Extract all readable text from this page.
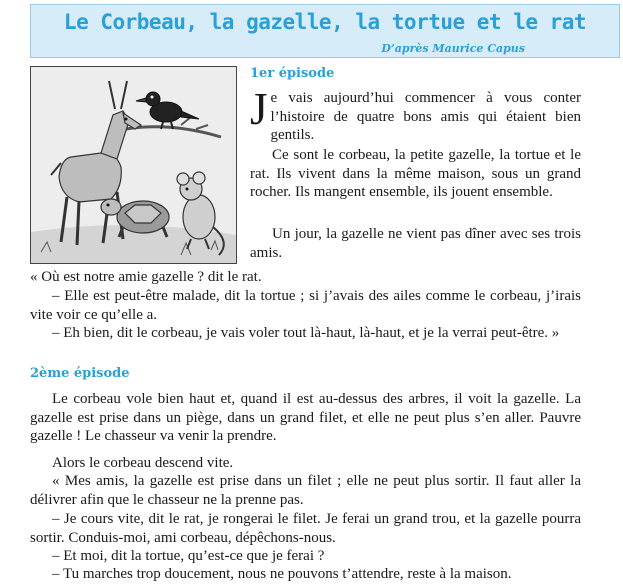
Le Corbeau, la gazelle, la tortue et le rat
D’après Maurice Capus
1er épisode

Je vais aujourd’hui commencer à vous conter l’histoire de quatre bons amis qui étaient bien gentils.

Ce sont le corbeau, la petite gazelle, la tortue et le rat. Ils vivent dans la même maison, sous un grand rocher. Ils mangent ensemble, ils jouent ensemble.

Un jour, la gazelle ne vient pas dîner avec ses trois amis.

« Où est notre amie gazelle ? dit le rat.

– Elle est peut-être malade, dit la tortue ; si j’avais des ailes comme le corbeau, j’irais vite voir ce qu’elle a.

– Eh bien, dit le corbeau, je vais voler tout là-haut, là-haut, et je la verrai peut-être. »

2ème épisode

Le corbeau vole bien haut et, quand il est au-dessus des arbres, il voit la gazelle. La gazelle est prise dans un piège, dans un grand filet, et elle ne peut plus s’en aller. Pauvre gazelle ! Le chasseur va venir la prendre.

Alors le corbeau descend vite.

« Mes amis, la gazelle est prise dans un filet ; elle ne peut plus sortir. Il faut aller la délivrer afin que le chasseur ne la prenne pas.

– Je cours vite, dit le rat, je rongerai le filet. Je ferai un grand trou, et la gazelle pourra sortir. Conduis-moi, ami corbeau, dépêchons-nous.

– Et moi, dit la tortue, qu’est-ce que je ferai ?

– Tu marches trop doucement, nous ne pouvons t’attendre, reste à la maison.
